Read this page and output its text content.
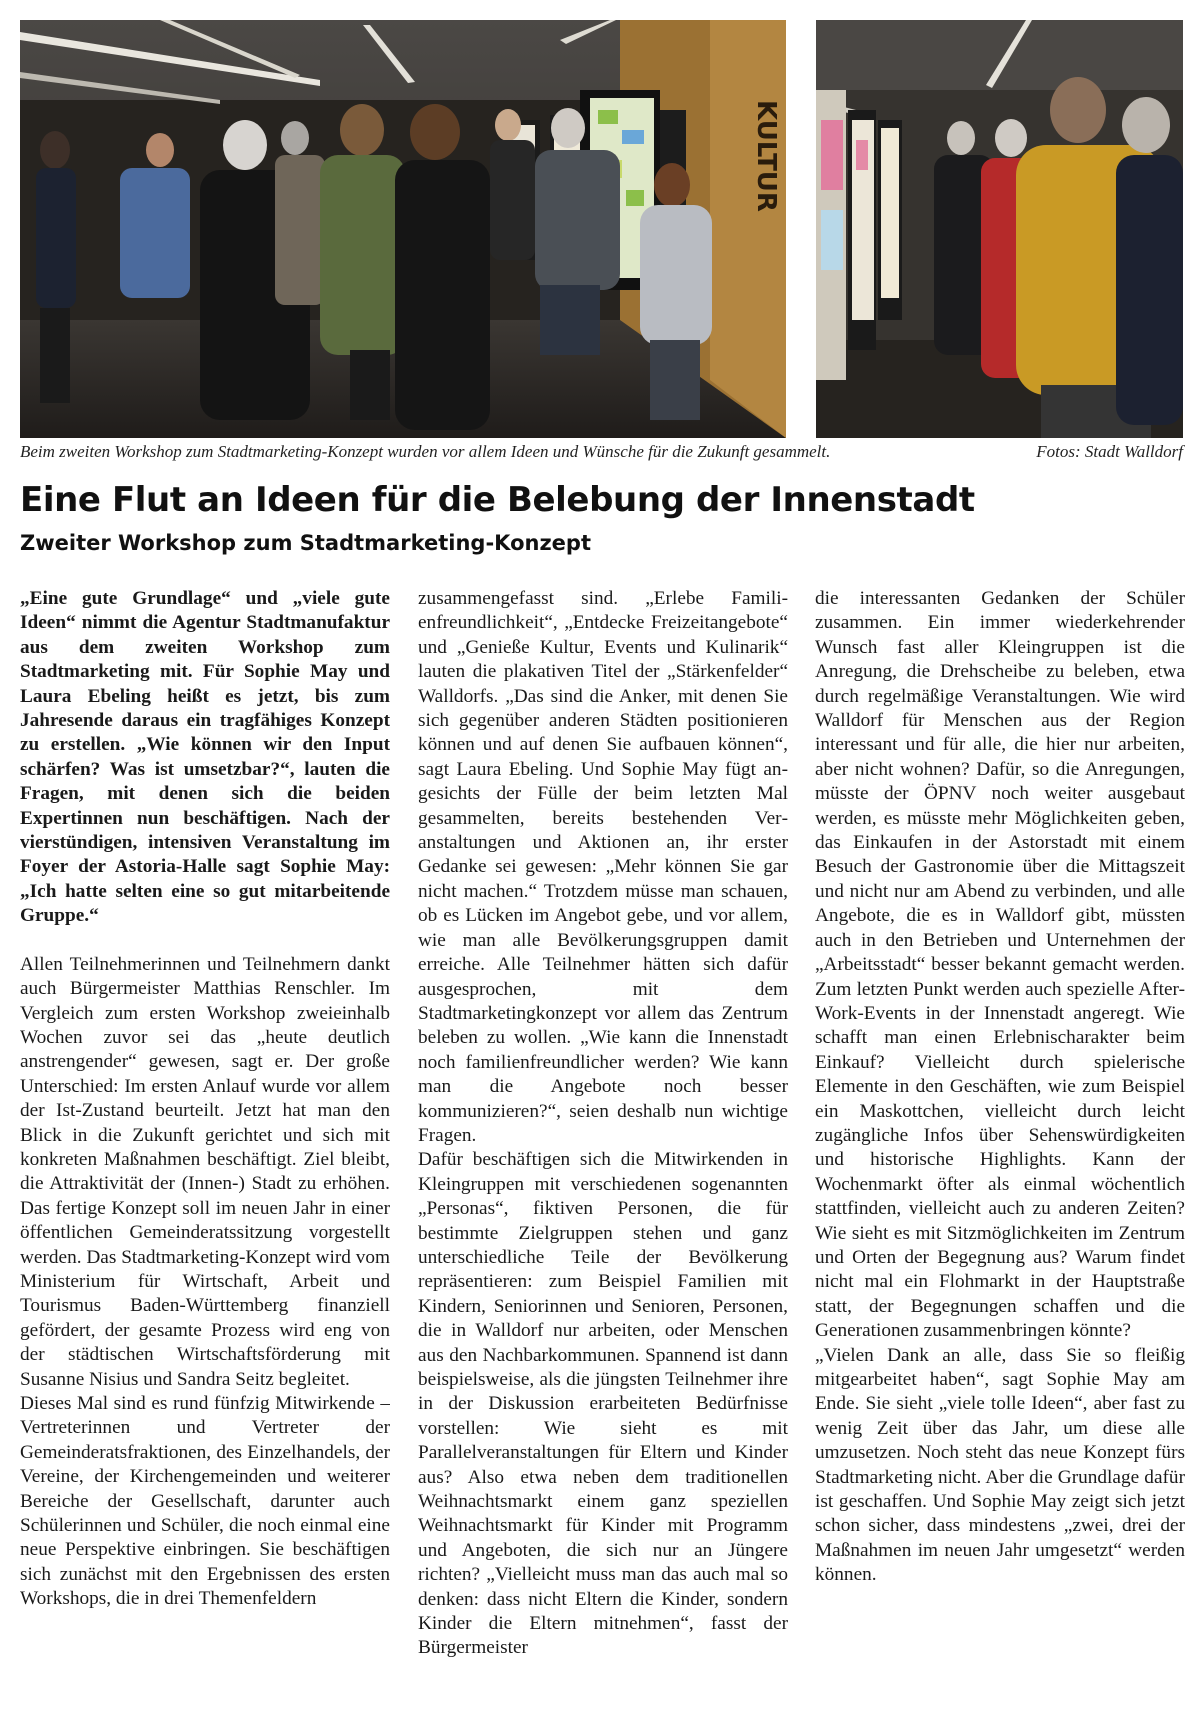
KULTUR
Beim zweiten Workshop zum Stadtmarketing-Konzept wurden vor allem Ideen und Wünsche für die Zukunft gesammelt.	Fotos: Stadt Walldorf
Eine Flut an Ideen für die Belebung der Innenstadt
Zweiter Workshop zum Stadtmarketing-Konzept

„Eine gute Grundlage“ und „viele gute Ideen“ nimmt die Agentur Stadtmanufaktur aus dem zweiten Workshop zum Stadtmarketing mit. Für Sophie May und Laura Ebeling heißt es jetzt, bis zum Jahresende daraus ein tragfähiges Konzept zu erstellen. „Wie können wir den Input schärfen? Was ist umsetzbar?“, lauten die Fragen, mit denen sich die beiden Expertinnen nun beschäftigen. Nach der vierstündigen, intensiven Veranstaltung im Foyer der Astoria-Halle sagt Sophie May: „Ich hatte selten eine so gut mitarbeitende Gruppe.“

Allen Teilnehmerinnen und Teilnehmern dankt auch Bürgermeister Matthias Renschler. Im Vergleich zum ersten Workshop zweieinhalb Wochen zuvor sei das „heute deutlich anstrengender“ gewesen, sagt er. Der große Unterschied: Im ersten Anlauf wurde vor allem der Ist-Zustand beurteilt. Jetzt hat man den Blick in die Zukunft gerichtet und sich mit konkreten Maßnahmen beschäftigt. Ziel bleibt, die Attraktivität der (Innen-) Stadt zu erhöhen. Das fertige Konzept soll im neuen Jahr in einer öffentlichen Gemeinderatssitzung vorgestellt werden. Das Stadtmarketing-Konzept wird vom Ministerium für Wirtschaft, Arbeit und Tourismus Baden-Württemberg finanziell gefördert, der gesamte Prozess wird eng von der städtischen Wirtschaftsförderung mit Susanne Nisius und Sandra Seitz begleitet.

Dieses Mal sind es rund fünfzig Mitwirkende – Vertreterinnen und Vertreter der Gemeinderatsfraktionen, des Einzelhandels, der Vereine, der Kirchengemeinden und weiterer Bereiche der Gesellschaft, darunter auch Schülerinnen und Schüler, die noch einmal eine neue Perspektive einbringen. Sie beschäftigen sich zunächst mit den Ergebnissen des ersten Workshops, die in drei Themenfeldern

zusammengefasst sind. „Erlebe Familienfreundlichkeit“, „Entdecke Freizeitangebote“ und „Genieße Kultur, Events und Kulinarik“ lauten die plakativen Titel der „Stärkenfelder“ Walldorfs. „Das sind die Anker, mit denen Sie sich gegenüber anderen Städten positionieren können und auf denen Sie aufbauen können“, sagt Laura Ebeling. Und Sophie May fügt angesichts der Fülle der beim letzten Mal gesammelten, bereits bestehenden Veranstaltungen und Aktionen an, ihr erster Gedanke sei gewesen: „Mehr können Sie gar nicht machen.“ Trotzdem müsse man schauen, ob es Lücken im Angebot gebe, und vor allem, wie man alle Bevölkerungsgruppen damit erreiche. Alle Teilnehmer hätten sich dafür ausgesprochen, mit dem Stadtmarketingkonzept vor allem das Zentrum beleben zu wollen. „Wie kann die Innenstadt noch familienfreundlicher werden? Wie kann man die Angebote noch besser kommunizieren?“, seien deshalb nun wichtige Fragen.

Dafür beschäftigen sich die Mitwirkenden in Kleingruppen mit verschiedenen sogenannten „Personas“, fiktiven Personen, die für bestimmte Zielgruppen stehen und ganz unterschiedliche Teile der Bevölkerung repräsentieren: zum Beispiel Familien mit Kindern, Seniorinnen und Senioren, Personen, die in Walldorf nur arbeiten, oder Menschen aus den Nachbarkommunen. Spannend ist dann beispielsweise, als die jüngsten Teilnehmer ihre in der Diskussion erarbeiteten Bedürfnisse vorstellen: Wie sieht es mit Parallelveranstaltungen für Eltern und Kinder aus? Also etwa neben dem traditionellen Weihnachtsmarkt einem ganz speziellen Weihnachtsmarkt für Kinder mit Programm und Angeboten, die sich nur an Jüngere richten? „Vielleicht muss man das auch mal so denken: dass nicht Eltern die Kinder, sondern Kinder die Eltern mitnehmen“, fasst der Bürgermeister

die interessanten Gedanken der Schüler zusammen. Ein immer wiederkehrender Wunsch fast aller Kleingruppen ist die Anregung, die Drehscheibe zu beleben, etwa durch regelmäßige Veranstaltungen. Wie wird Walldorf für Menschen aus der Region interessant und für alle, die hier nur arbeiten, aber nicht wohnen? Dafür, so die Anregungen, müsste der ÖPNV noch weiter ausgebaut werden, es müsste mehr Möglichkeiten geben, das Einkaufen in der Astorstadt mit einem Besuch der Gastronomie über die Mittagszeit und nicht nur am Abend zu verbinden, und alle Angebote, die es in Walldorf gibt, müssten auch in den Betrieben und Unternehmen der „Arbeitsstadt“ besser bekannt gemacht werden. Zum letzten Punkt werden auch spezielle After-Work-Events in der Innenstadt angeregt. Wie schafft man einen Erlebnischarakter beim Einkauf? Vielleicht durch spielerische Elemente in den Geschäften, wie zum Beispiel ein Maskottchen, vielleicht durch leicht zugängliche Infos über Sehenswürdigkeiten und historische Highlights. Kann der Wochenmarkt öfter als einmal wöchentlich stattfinden, vielleicht auch zu anderen Zeiten? Wie sieht es mit Sitzmöglichkeiten im Zentrum und Orten der Begegnung aus? Warum findet nicht mal ein Flohmarkt in der Hauptstraße statt, der Begegnungen schaffen und die Generationen zusammenbringen könnte?

„Vielen Dank an alle, dass Sie so fleißig mitgearbeitet haben“, sagt Sophie May am Ende. Sie sieht „viele tolle Ideen“, aber fast zu wenig Zeit über das Jahr, um diese alle umzusetzen. Noch steht das neue Konzept fürs Stadtmarketing nicht. Aber die Grundlage dafür ist geschaffen. Und Sophie May zeigt sich jetzt schon sicher, dass mindestens „zwei, drei der Maßnahmen im neuen Jahr umgesetzt“ werden können.
